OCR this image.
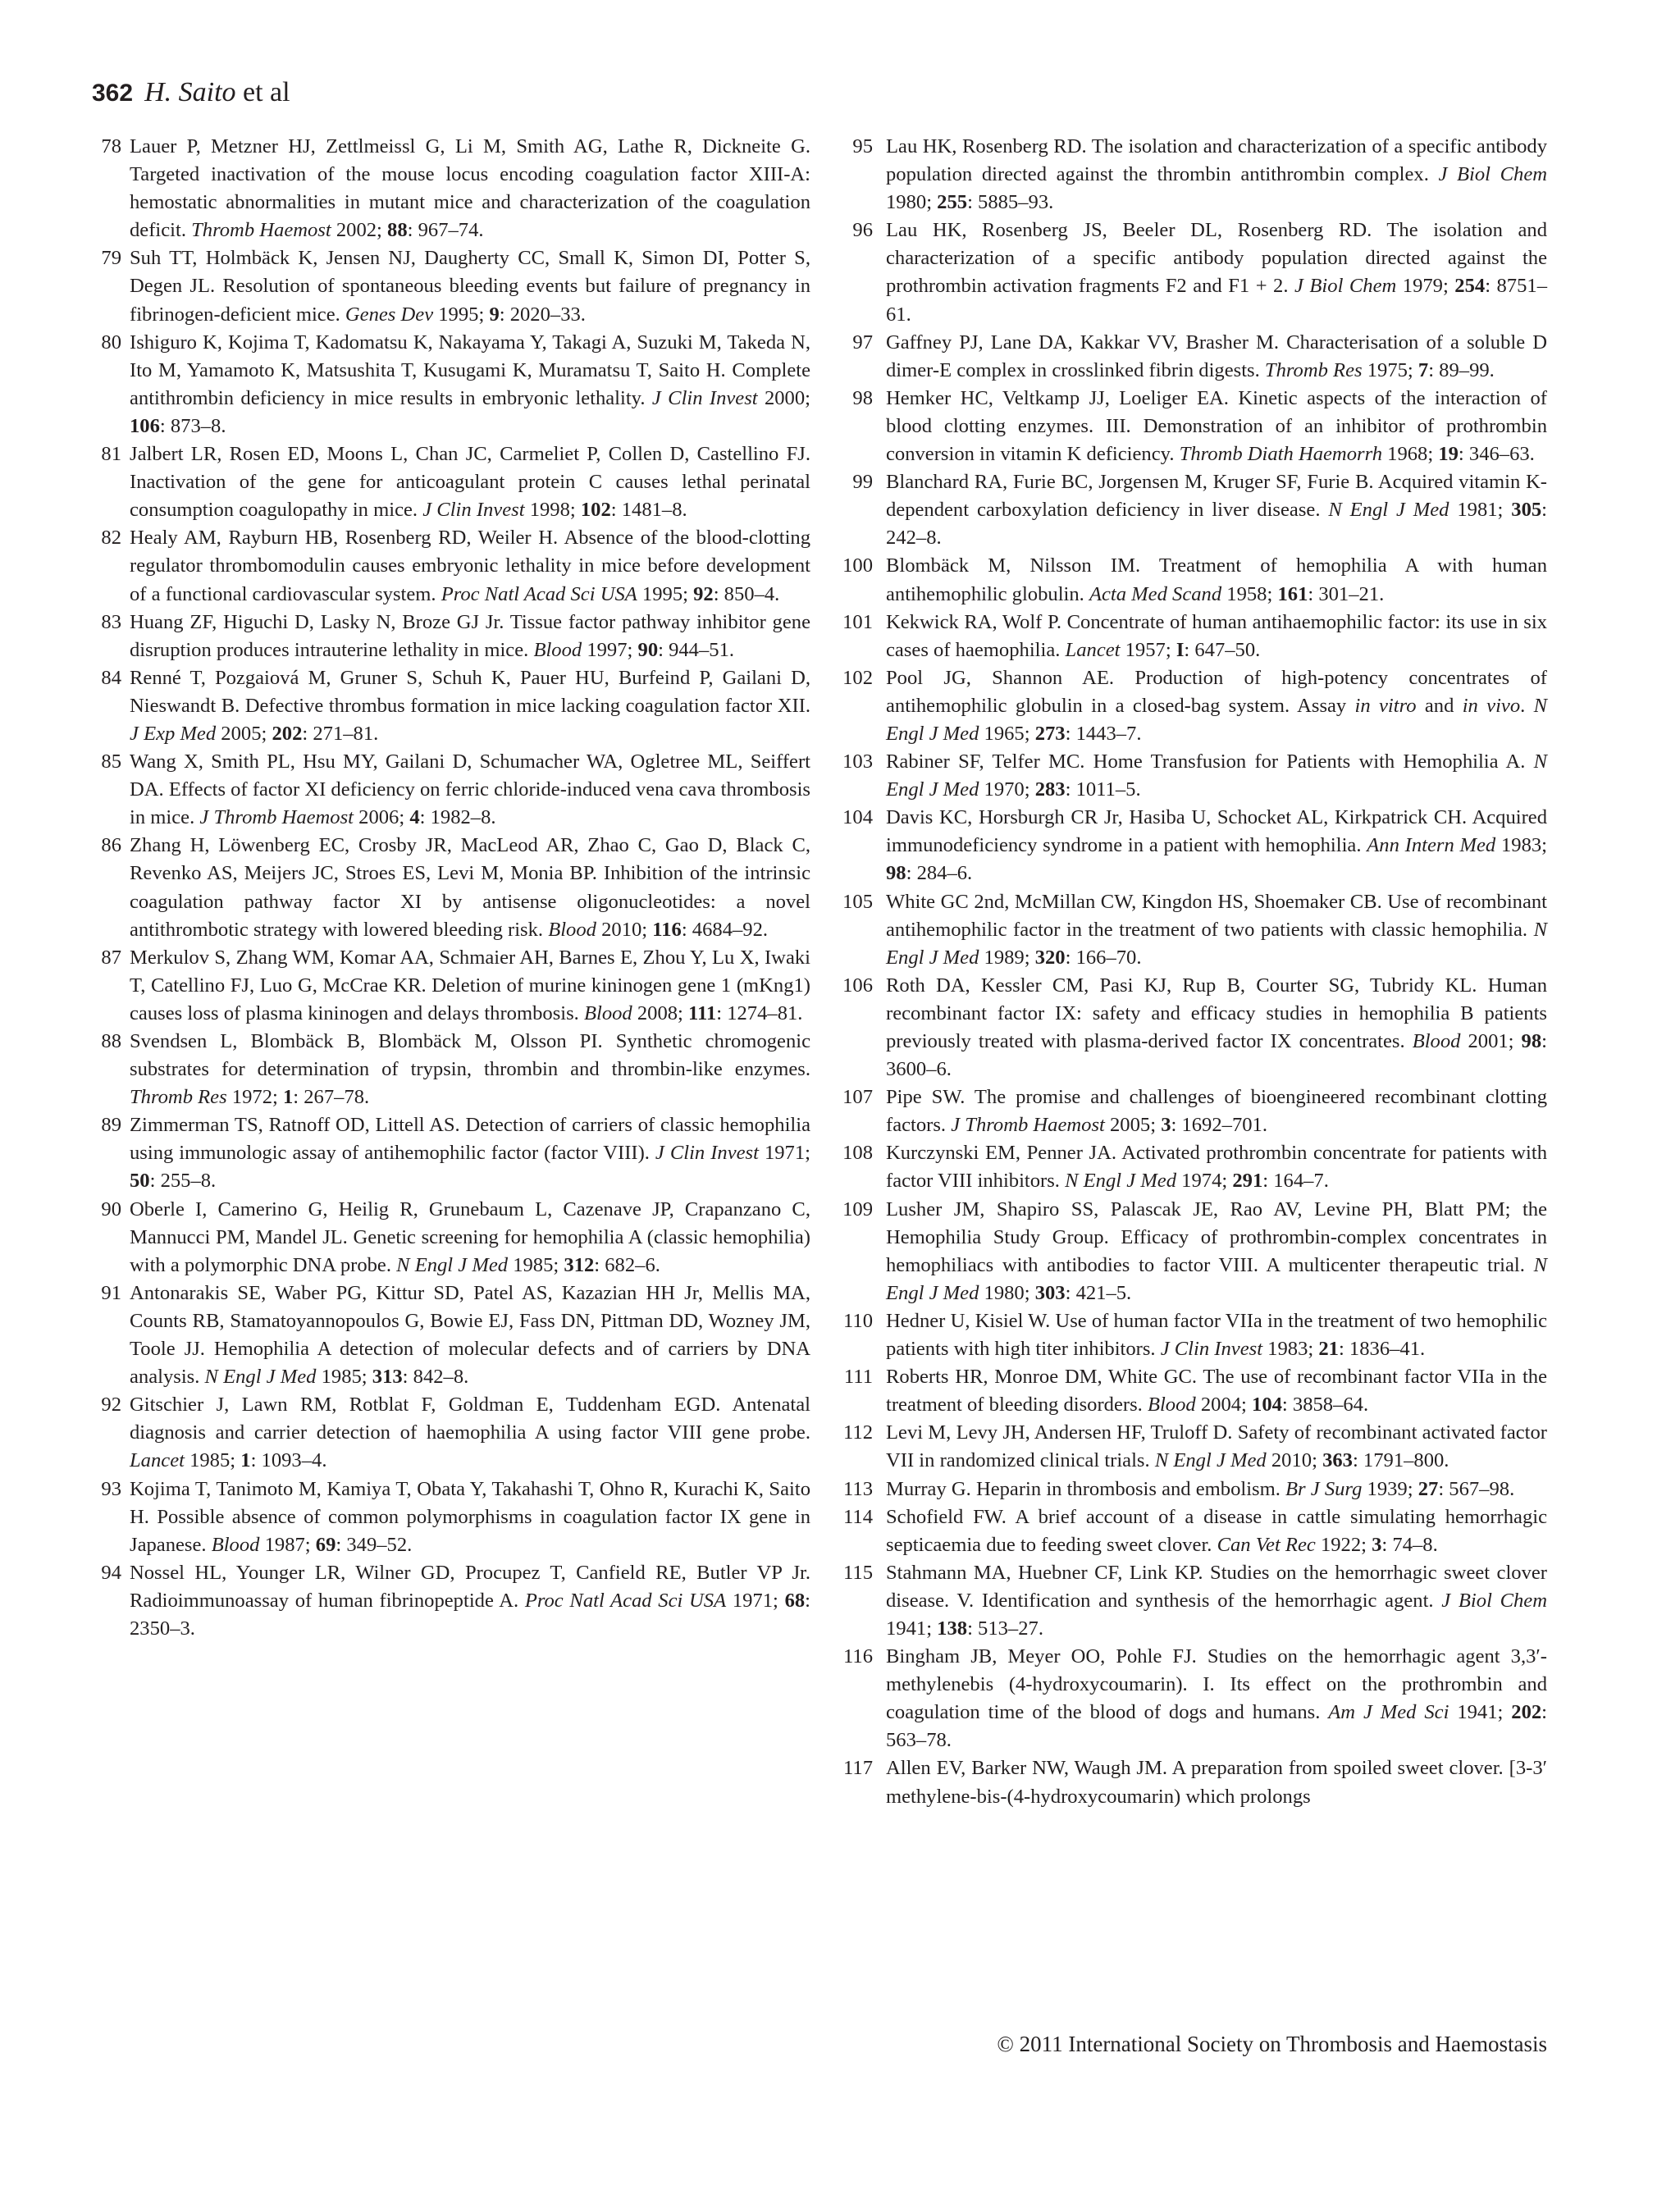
362 H. Saito et al
78 Lauer P, Metzner HJ, Zettlmeissl G, Li M, Smith AG, Lathe R, Dickneite G. Targeted inactivation of the mouse locus encoding coagulation factor XIII-A: hemostatic abnormalities in mutant mice and characterization of the coagulation deficit. Thromb Haemost 2002; 88: 967–74.
79 Suh TT, Holmbäck K, Jensen NJ, Daugherty CC, Small K, Simon DI, Potter S, Degen JL. Resolution of spontaneous bleeding events but failure of pregnancy in fibrinogen-deficient mice. Genes Dev 1995; 9: 2020–33.
80 Ishiguro K, Kojima T, Kadomatsu K, Nakayama Y, Takagi A, Suzuki M, Takeda N, Ito M, Yamamoto K, Matsushita T, Kusugami K, Muramatsu T, Saito H. Complete antithrombin deficiency in mice results in embryonic lethality. J Clin Invest 2000; 106: 873–8.
81 Jalbert LR, Rosen ED, Moons L, Chan JC, Carmeliet P, Collen D, Castellino FJ. Inactivation of the gene for anticoagulant protein C causes lethal perinatal consumption coagulopathy in mice. J Clin Invest 1998; 102: 1481–8.
82 Healy AM, Rayburn HB, Rosenberg RD, Weiler H. Absence of the blood-clotting regulator thrombomodulin causes embryonic lethality in mice before development of a functional cardiovascular system. Proc Natl Acad Sci USA 1995; 92: 850–4.
83 Huang ZF, Higuchi D, Lasky N, Broze GJ Jr. Tissue factor pathway inhibitor gene disruption produces intrauterine lethality in mice. Blood 1997; 90: 944–51.
84 Renné T, Pozgaiová M, Gruner S, Schuh K, Pauer HU, Burfeind P, Gailani D, Nieswandt B. Defective thrombus formation in mice lacking coagulation factor XII. J Exp Med 2005; 202: 271–81.
85 Wang X, Smith PL, Hsu MY, Gailani D, Schumacher WA, Ogletree ML, Seiffert DA. Effects of factor XI deficiency on ferric chloride-induced vena cava thrombosis in mice. J Thromb Haemost 2006; 4: 1982–8.
86 Zhang H, Löwenberg EC, Crosby JR, MacLeod AR, Zhao C, Gao D, Black C, Revenko AS, Meijers JC, Stroes ES, Levi M, Monia BP. Inhibition of the intrinsic coagulation pathway factor XI by antisense oligonucleotides: a novel antithrombotic strategy with lowered bleeding risk. Blood 2010; 116: 4684–92.
87 Merkulov S, Zhang WM, Komar AA, Schmaier AH, Barnes E, Zhou Y, Lu X, Iwaki T, Catellino FJ, Luo G, McCrae KR. Deletion of murine kininogen gene 1 (mKng1) causes loss of plasma kininogen and delays thrombosis. Blood 2008; 111: 1274–81.
88 Svendsen L, Blombäck B, Blombäck M, Olsson PI. Synthetic chromogenic substrates for determination of trypsin, thrombin and thrombin-like enzymes. Thromb Res 1972; 1: 267–78.
89 Zimmerman TS, Ratnoff OD, Littell AS. Detection of carriers of classic hemophilia using immunologic assay of antihemophilic factor (factor VIII). J Clin Invest 1971; 50: 255–8.
90 Oberle I, Camerino G, Heilig R, Grunebaum L, Cazenave JP, Crapanzano C, Mannucci PM, Mandel JL. Genetic screening for hemophilia A (classic hemophilia) with a polymorphic DNA probe. N Engl J Med 1985; 312: 682–6.
91 Antonarakis SE, Waber PG, Kittur SD, Patel AS, Kazazian HH Jr, Mellis MA, Counts RB, Stamatoyannopoulos G, Bowie EJ, Fass DN, Pittman DD, Wozney JM, Toole JJ. Hemophilia A detection of molecular defects and of carriers by DNA analysis. N Engl J Med 1985; 313: 842–8.
92 Gitschier J, Lawn RM, Rotblat F, Goldman E, Tuddenham EGD. Antenatal diagnosis and carrier detection of haemophilia A using factor VIII gene probe. Lancet 1985; 1: 1093–4.
93 Kojima T, Tanimoto M, Kamiya T, Obata Y, Takahashi T, Ohno R, Kurachi K, Saito H. Possible absence of common polymorphisms in coagulation factor IX gene in Japanese. Blood 1987; 69: 349–52.
94 Nossel HL, Younger LR, Wilner GD, Procupez T, Canfield RE, Butler VP Jr. Radioimmunoassay of human fibrinopeptide A. Proc Natl Acad Sci USA 1971; 68: 2350–3.
95 Lau HK, Rosenberg RD. The isolation and characterization of a specific antibody population directed against the thrombin antithrombin complex. J Biol Chem 1980; 255: 5885–93.
96 Lau HK, Rosenberg JS, Beeler DL, Rosenberg RD. The isolation and characterization of a specific antibody population directed against the prothrombin activation fragments F2 and F1 + 2. J Biol Chem 1979; 254: 8751–61.
97 Gaffney PJ, Lane DA, Kakkar VV, Brasher M. Characterisation of a soluble D dimer-E complex in crosslinked fibrin digests. Thromb Res 1975; 7: 89–99.
98 Hemker HC, Veltkamp JJ, Loeliger EA. Kinetic aspects of the interaction of blood clotting enzymes. III. Demonstration of an inhibitor of prothrombin conversion in vitamin K deficiency. Thromb Diath Haemorrh 1968; 19: 346–63.
99 Blanchard RA, Furie BC, Jorgensen M, Kruger SF, Furie B. Acquired vitamin K-dependent carboxylation deficiency in liver disease. N Engl J Med 1981; 305: 242–8.
100 Blombäck M, Nilsson IM. Treatment of hemophilia A with human antihemophilic globulin. Acta Med Scand 1958; 161: 301–21.
101 Kekwick RA, Wolf P. Concentrate of human antihaemophilic factor: its use in six cases of haemophilia. Lancet 1957; I: 647–50.
102 Pool JG, Shannon AE. Production of high-potency concentrates of antihemophilic globulin in a closed-bag system. Assay in vitro and in vivo. N Engl J Med 1965; 273: 1443–7.
103 Rabiner SF, Telfer MC. Home Transfusion for Patients with Hemophilia A. N Engl J Med 1970; 283: 1011–5.
104 Davis KC, Horsburgh CR Jr, Hasiba U, Schocket AL, Kirkpatrick CH. Acquired immunodeficiency syndrome in a patient with hemophilia. Ann Intern Med 1983; 98: 284–6.
105 White GC 2nd, McMillan CW, Kingdon HS, Shoemaker CB. Use of recombinant antihemophilic factor in the treatment of two patients with classic hemophilia. N Engl J Med 1989; 320: 166–70.
106 Roth DA, Kessler CM, Pasi KJ, Rup B, Courter SG, Tubridy KL. Human recombinant factor IX: safety and efficacy studies in hemophilia B patients previously treated with plasma-derived factor IX concentrates. Blood 2001; 98: 3600–6.
107 Pipe SW. The promise and challenges of bioengineered recombinant clotting factors. J Thromb Haemost 2005; 3: 1692–701.
108 Kurczynski EM, Penner JA. Activated prothrombin concentrate for patients with factor VIII inhibitors. N Engl J Med 1974; 291: 164–7.
109 Lusher JM, Shapiro SS, Palascak JE, Rao AV, Levine PH, Blatt PM; the Hemophilia Study Group. Efficacy of prothrombin-complex concentrates in hemophiliacs with antibodies to factor VIII. A multicenter therapeutic trial. N Engl J Med 1980; 303: 421–5.
110 Hedner U, Kisiel W. Use of human factor VIIa in the treatment of two hemophilic patients with high titer inhibitors. J Clin Invest 1983; 21: 1836–41.
111 Roberts HR, Monroe DM, White GC. The use of recombinant factor VIIa in the treatment of bleeding disorders. Blood 2004; 104: 3858–64.
112 Levi M, Levy JH, Andersen HF, Truloff D. Safety of recombinant activated factor VII in randomized clinical trials. N Engl J Med 2010; 363: 1791–800.
113 Murray G. Heparin in thrombosis and embolism. Br J Surg 1939; 27: 567–98.
114 Schofield FW. A brief account of a disease in cattle simulating hemorrhagic septicaemia due to feeding sweet clover. Can Vet Rec 1922; 3: 74–8.
115 Stahmann MA, Huebner CF, Link KP. Studies on the hemorrhagic sweet clover disease. V. Identification and synthesis of the hemorrhagic agent. J Biol Chem 1941; 138: 513–27.
116 Bingham JB, Meyer OO, Pohle FJ. Studies on the hemorrhagic agent 3,3′-methylenebis (4-hydroxycoumarin). I. Its effect on the prothrombin and coagulation time of the blood of dogs and humans. Am J Med Sci 1941; 202: 563–78.
117 Allen EV, Barker NW, Waugh JM. A preparation from spoiled sweet clover. [3-3′ methylene-bis-(4-hydroxycoumarin) which prolongs
© 2011 International Society on Thrombosis and Haemostasis
